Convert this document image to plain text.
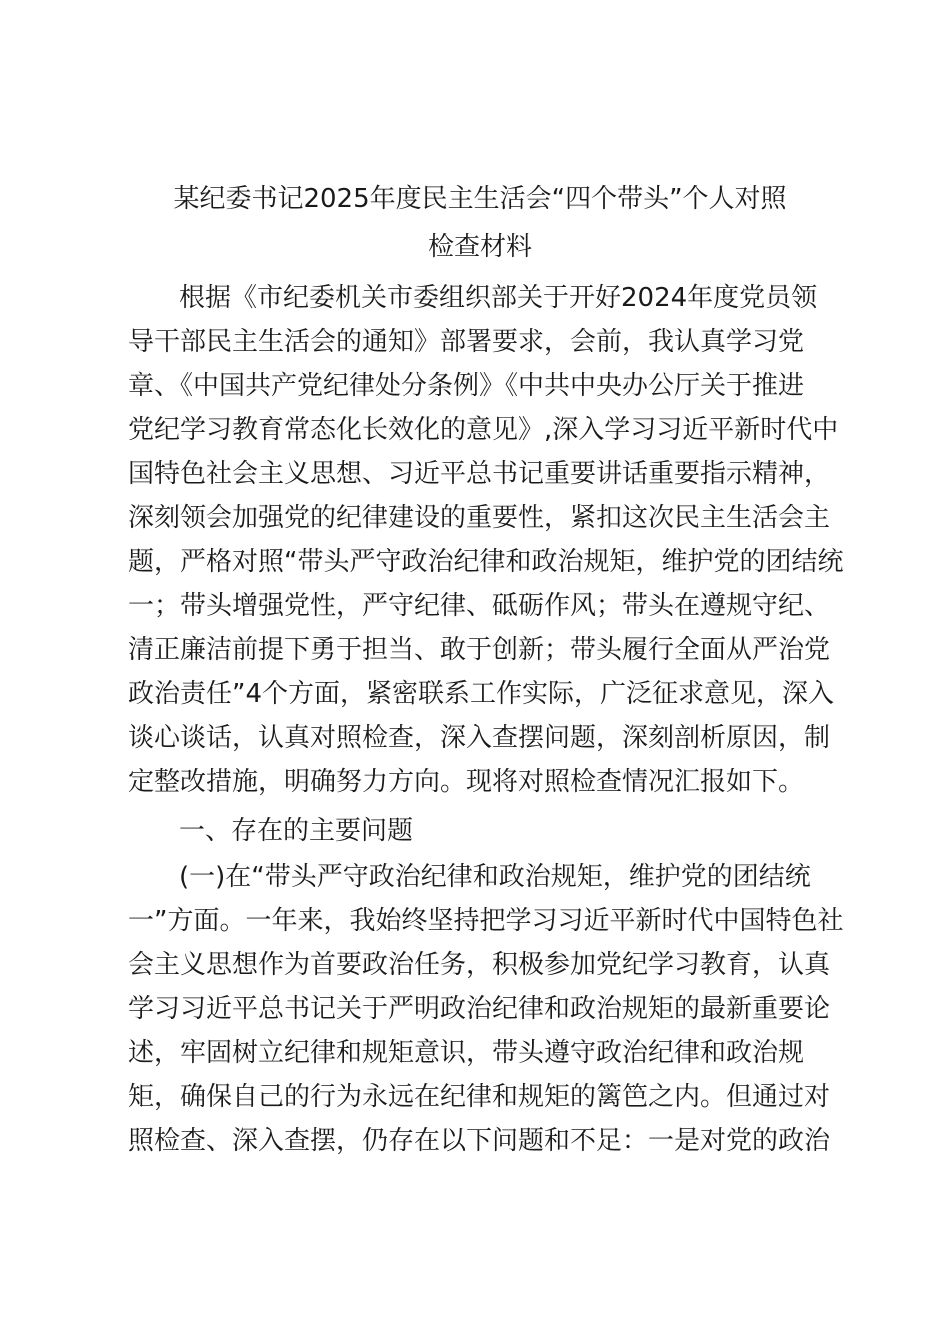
某纪委书记2025年度民主生活会“四个带头”个人对照
检查材料

根据《市纪委机关市委组织部关于开好2024年度党员领

导干部民主生活会的通知》部署要求，会前，我认真学习党

章、《中国共产党纪律处分条例》《中共中央办公厅关于推进

党纪学习教育常态化长效化的意见》,深入学习习近平新时代中

国特色社会主义思想、习近平总书记重要讲话重要指示精神，

深刻领会加强党的纪律建设的重要性，紧扣这次民主生活会主

题，严格对照“带头严守政治纪律和政治规矩，维护党的团结统

一；带头增强党性，严守纪律、砥砺作风；带头在遵规守纪、

清正廉洁前提下勇于担当、敢于创新；带头履行全面从严治党

政治责任”4个方面，紧密联系工作实际，广泛征求意见，深入

谈心谈话，认真对照检查，深入查摆问题，深刻剖析原因，制

定整改措施，明确努力方向。现将对照检查情况汇报如下。

一、存在的主要问题

(一)在“带头严守政治纪律和政治规矩，维护党的团结统

一”方面。一年来，我始终坚持把学习习近平新时代中国特色社

会主义思想作为首要政治任务，积极参加党纪学习教育，认真

学习习近平总书记关于严明政治纪律和政治规矩的最新重要论

述，牢固树立纪律和规矩意识，带头遵守政治纪律和政治规

矩，确保自己的行为永远在纪律和规矩的篱笆之内。但通过对

照检查、深入查摆，仍存在以下问题和不足：一是对党的政治
